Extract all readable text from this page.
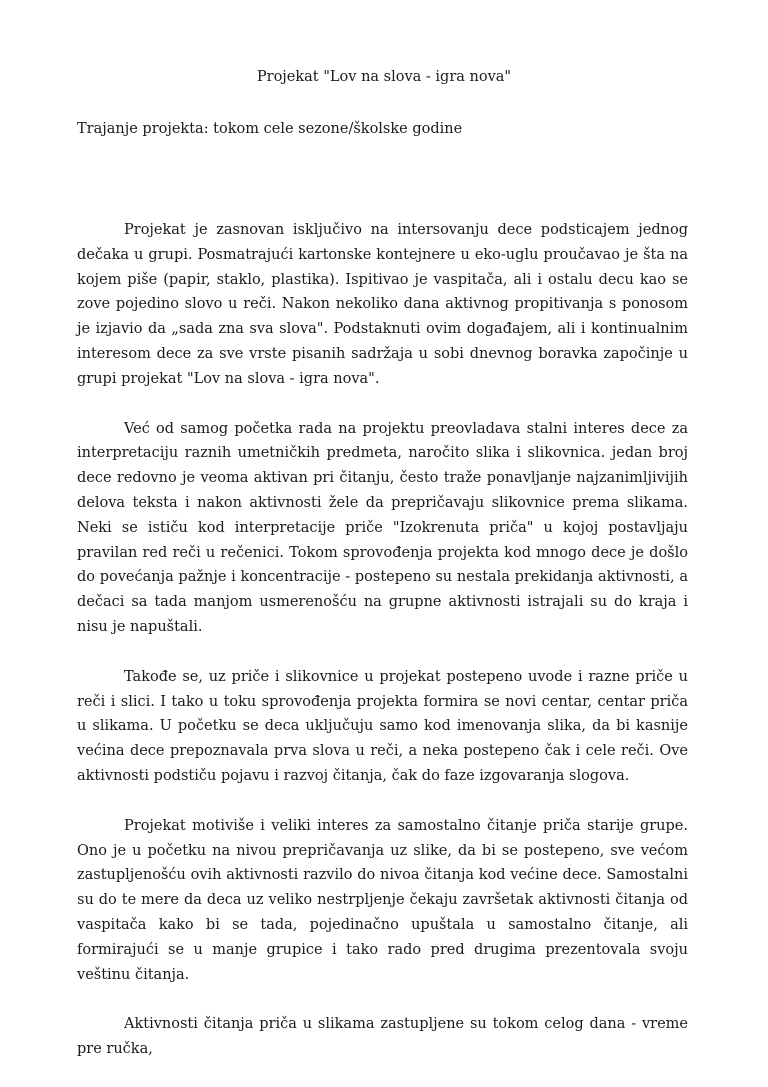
Projekat "Lov na slova - igra nova"

Trajanje projekta: tokom cele sezone/školske godine

Projekat je zasnovan isključivo na intersovanju dece podsticajem jednog dečaka u grupi. Posmatrajući kartonske kontejnere u eko-uglu proučavao je šta na kojem piše (papir, staklo, plastika). Ispitivao je vaspitača, ali i ostalu decu kao se zove pojedino slovo u reči. Nakon nekoliko dana aktivnog propitivanja s ponosom je izjavio da „sada zna sva slova". Podstaknuti ovim događajem, ali i kontinualnim interesom dece za sve vrste pisanih sadržaja u sobi dnevnog boravka započinje u grupi projekat "Lov na slova - igra nova".

Već od samog početka rada na projektu preovladava stalni interes dece za interpretaciju raznih umetničkih predmeta, naročito slika i slikovnica. jedan broj dece redovno je veoma aktivan pri čitanju, često traže ponavljanje najzanimljivijih delova teksta i nakon aktivnosti žele da prepričavaju slikovnice prema slikama. Neki se ističu kod interpretacije priče "Izokrenuta priča" u kojoj postavljaju pravilan red reči u rečenici. Tokom sprovođenja projekta kod mnogo dece je došlo do povećanja pažnje i koncentracije - postepeno su nestala prekidanja aktivnosti, a dečaci sa tada manjom usmerenošću na grupne aktivnosti istrajali su do kraja i nisu je napuštali.

Takođe se, uz priče i slikovnice u projekat postepeno uvode i razne priče u reči i slici. I tako u toku sprovođenja projekta formira se novi centar, centar priča u slikama. U početku se deca uključuju samo kod imenovanja slika, da bi kasnije većina dece prepoznavala prva slova u reči, a neka postepeno čak i cele reči. Ove aktivnosti podstiču pojavu i razvoj čitanja, čak do faze izgovaranja slogova.

Projekat motiviše i veliki interes za samostalno čitanje priča starije grupe. Ono je u početku na nivou prepričavanja uz slike, da bi se postepeno, sve većom zastupljenošću ovih aktivnosti razvilo do nivoa čitanja kod većine dece. Samostalni su do te mere da deca uz veliko nestrpljenje čekaju završetak aktivnosti čitanja od vaspitača kako bi se tada, pojedinačno upuštala u samostalno čitanje, ali formirajući se u manje grupice i tako rado pred drugima prezentovala svoju veštinu čitanja.

Aktivnosti čitanja priča u slikama zastupljene su tokom celog dana - vreme pre ručka,
